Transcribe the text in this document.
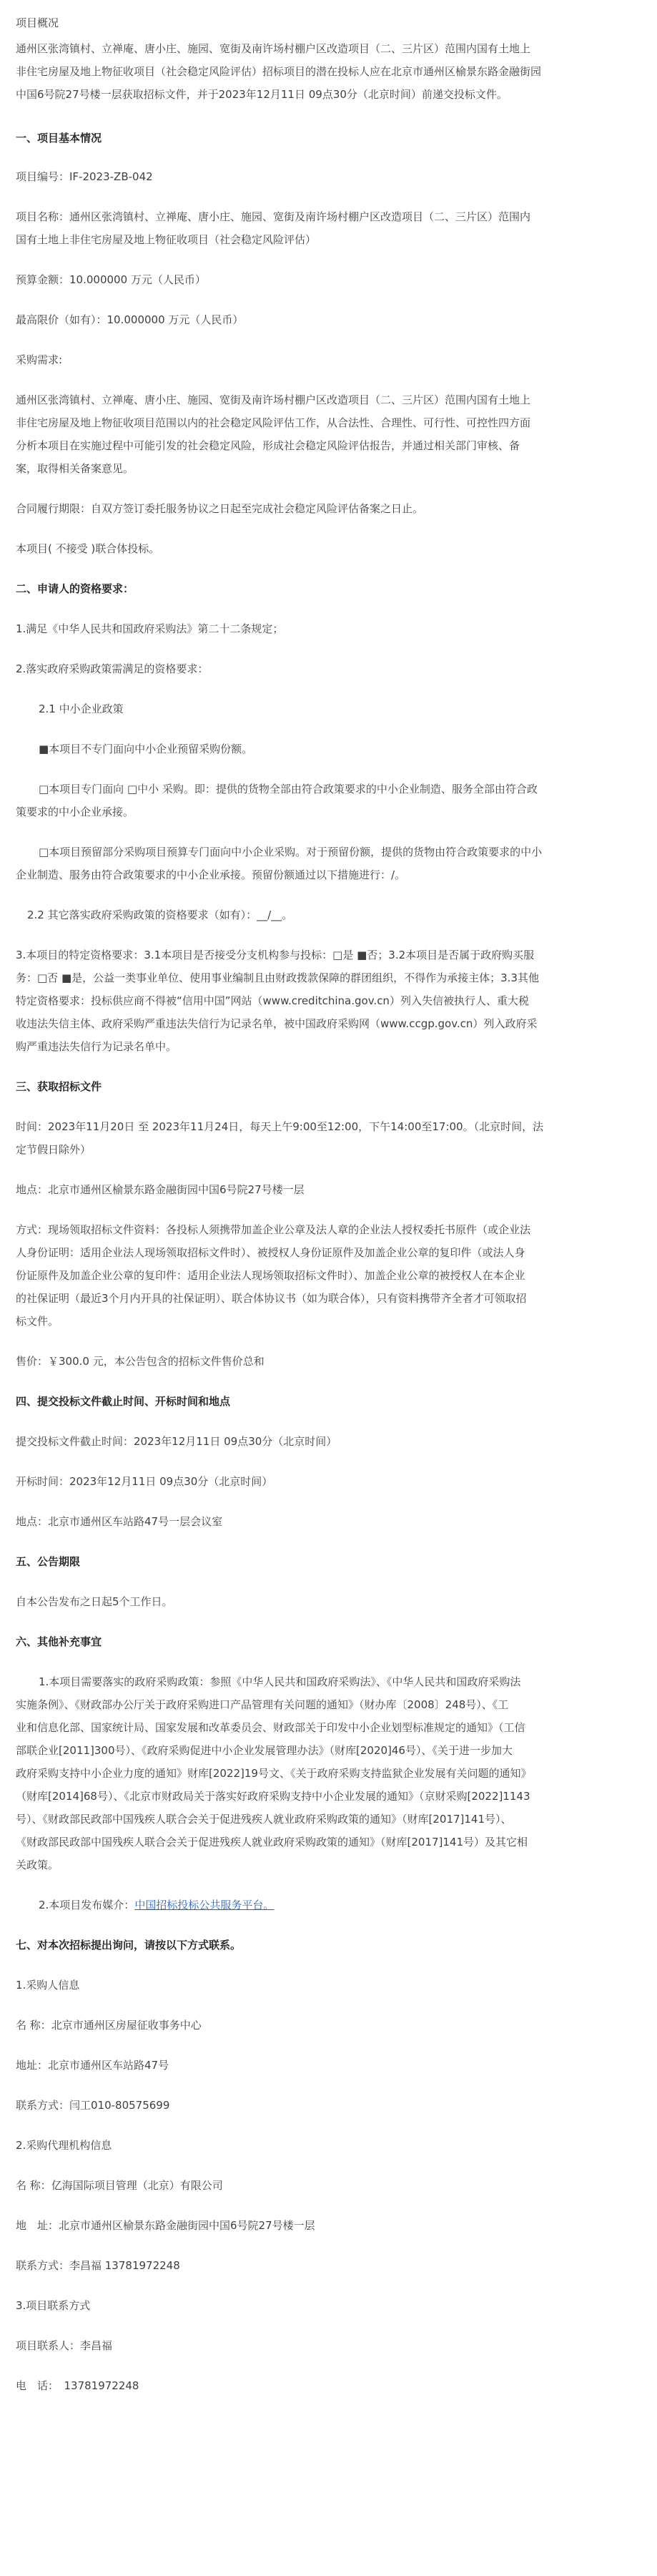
项目概况
通州区张湾镇村、立禅庵、唐小庄、施园、宽街及南许场村棚户区改造项目（二、三片区）范围内国有土地上
非住宅房屋及地上物征收项目（社会稳定风险评估）招标项目的潜在投标人应在北京市通州区榆景东路金融街园
中国6号院27号楼一层获取招标文件，并于2023年12月11日 09点30分（北京时间）前递交投标文件。
一、项目基本情况
项目编号：IF-2023-ZB-042
项目名称：通州区张湾镇村、立禅庵、唐小庄、施园、宽街及南许场村棚户区改造项目（二、三片区）范围内
国有土地上非住宅房屋及地上物征收项目（社会稳定风险评估）
预算金额：10.000000 万元（人民币）
最高限价（如有）：10.000000 万元（人民币）
采购需求:
通州区张湾镇村、立禅庵、唐小庄、施园、宽街及南许场村棚户区改造项目（二、三片区）范围内国有土地上
非住宅房屋及地上物征收项目范围以内的社会稳定风险评估工作，从合法性、合理性、可行性、可控性四方面
分析本项目在实施过程中可能引发的社会稳定风险，形成社会稳定风险评估报告，并通过相关部门审核、备
案，取得相关备案意见。
合同履行期限：自双方签订委托服务协议之日起至完成社会稳定风险评估备案之日止。
本项目( 不接受 )联合体投标。
二、申请人的资格要求：
1.满足《中华人民共和国政府采购法》第二十二条规定；
2.落实政府采购政策需满足的资格要求：
2.1 中小企业政策
■本项目不专门面向中小企业预留采购份额。
□本项目专门面向 □中小 采购。即：提供的货物全部由符合政策要求的中小企业制造、服务全部由符合政
策要求的中小企业承接。
□本项目预留部分采购项目预算专门面向中小企业采购。对于预留份额，提供的货物由符合政策要求的中小
企业制造、服务由符合政策要求的中小企业承接。预留份额通过以下措施进行：/。
2.2 其它落实政府采购政策的资格要求（如有）：__/__。
3.本项目的特定资格要求：3.1本项目是否接受分支机构参与投标：□是 ■否；3.2本项目是否属于政府购买服
务：□否 ■是，公益一类事业单位、使用事业编制且由财政拨款保障的群团组织，不得作为承接主体；3.3其他
特定资格要求：投标供应商不得被“信用中国”网站（www.creditchina.gov.cn）列入失信被执行人、重大税
收违法失信主体、政府采购严重违法失信行为记录名单，被中国政府采购网（www.ccgp.gov.cn）列入政府采
购严重违法失信行为记录名单中。
三、获取招标文件
时间：2023年11月20日 至 2023年11月24日，每天上午9:00至12:00，下午14:00至17:00。（北京时间，法
定节假日除外）
地点：北京市通州区榆景东路金融街园中国6号院27号楼一层
方式：现场领取招标文件资料：各投标人须携带加盖企业公章及法人章的企业法人授权委托书原件（或企业法
人身份证明：适用企业法人现场领取招标文件时）、被授权人身份证原件及加盖企业公章的复印件（或法人身
份证原件及加盖企业公章的复印件：适用企业法人现场领取招标文件时）、加盖企业公章的被授权人在本企业
的社保证明（最近3个月内开具的社保证明）、联合体协议书（如为联合体），只有资料携带齐全者才可领取招
标文件。
售价：￥300.0 元，本公告包含的招标文件售价总和
四、提交投标文件截止时间、开标时间和地点
提交投标文件截止时间：2023年12月11日 09点30分（北京时间）
开标时间：2023年12月11日 09点30分（北京时间）
地点：北京市通州区车站路47号一层会议室
五、公告期限
自本公告发布之日起5个工作日。
六、其他补充事宜
1.本项目需要落实的政府采购政策：参照《中华人民共和国政府采购法》、《中华人民共和国政府采购法
实施条例》、《财政部办公厅关于政府采购进口产品管理有关问题的通知》（财办库〔2008〕248号）、《工
业和信息化部、国家统计局、国家发展和改革委员会、财政部关于印发中小企业划型标准规定的通知》（工信
部联企业[2011]300号）、《政府采购促进中小企业发展管理办法》（财库[2020]46号）、《关于进一步加大
政府采购支持中小企业力度的通知》财库[2022]19号文、《关于政府采购支持监狱企业发展有关问题的通知》
（财库[2014]68号）、《北京市财政局关于落实好政府采购支持中小企业发展的通知》（京财采购[2022]1143
号）、《财政部民政部中国残疾人联合会关于促进残疾人就业政府采购政策的通知》（财库[2017]141号）、
《财政部民政部中国残疾人联合会关于促进残疾人就业政府采购政策的通知》（财库[2017]141号）及其它相
关政策。
2.本项目发布媒介：中国招标投标公共服务平台。
七、对本次招标提出询问，请按以下方式联系。
1.采购人信息
名 称：北京市通州区房屋征收事务中心
地址：北京市通州区车站路47号
联系方式：闫工010-80575699
2.采购代理机构信息
名 称：亿海国际项目管理（北京）有限公司
地　址：北京市通州区榆景东路金融街园中国6号院27号楼一层
联系方式：李昌福 13781972248
3.项目联系方式
项目联系人：李昌福
电　话：　13781972248
